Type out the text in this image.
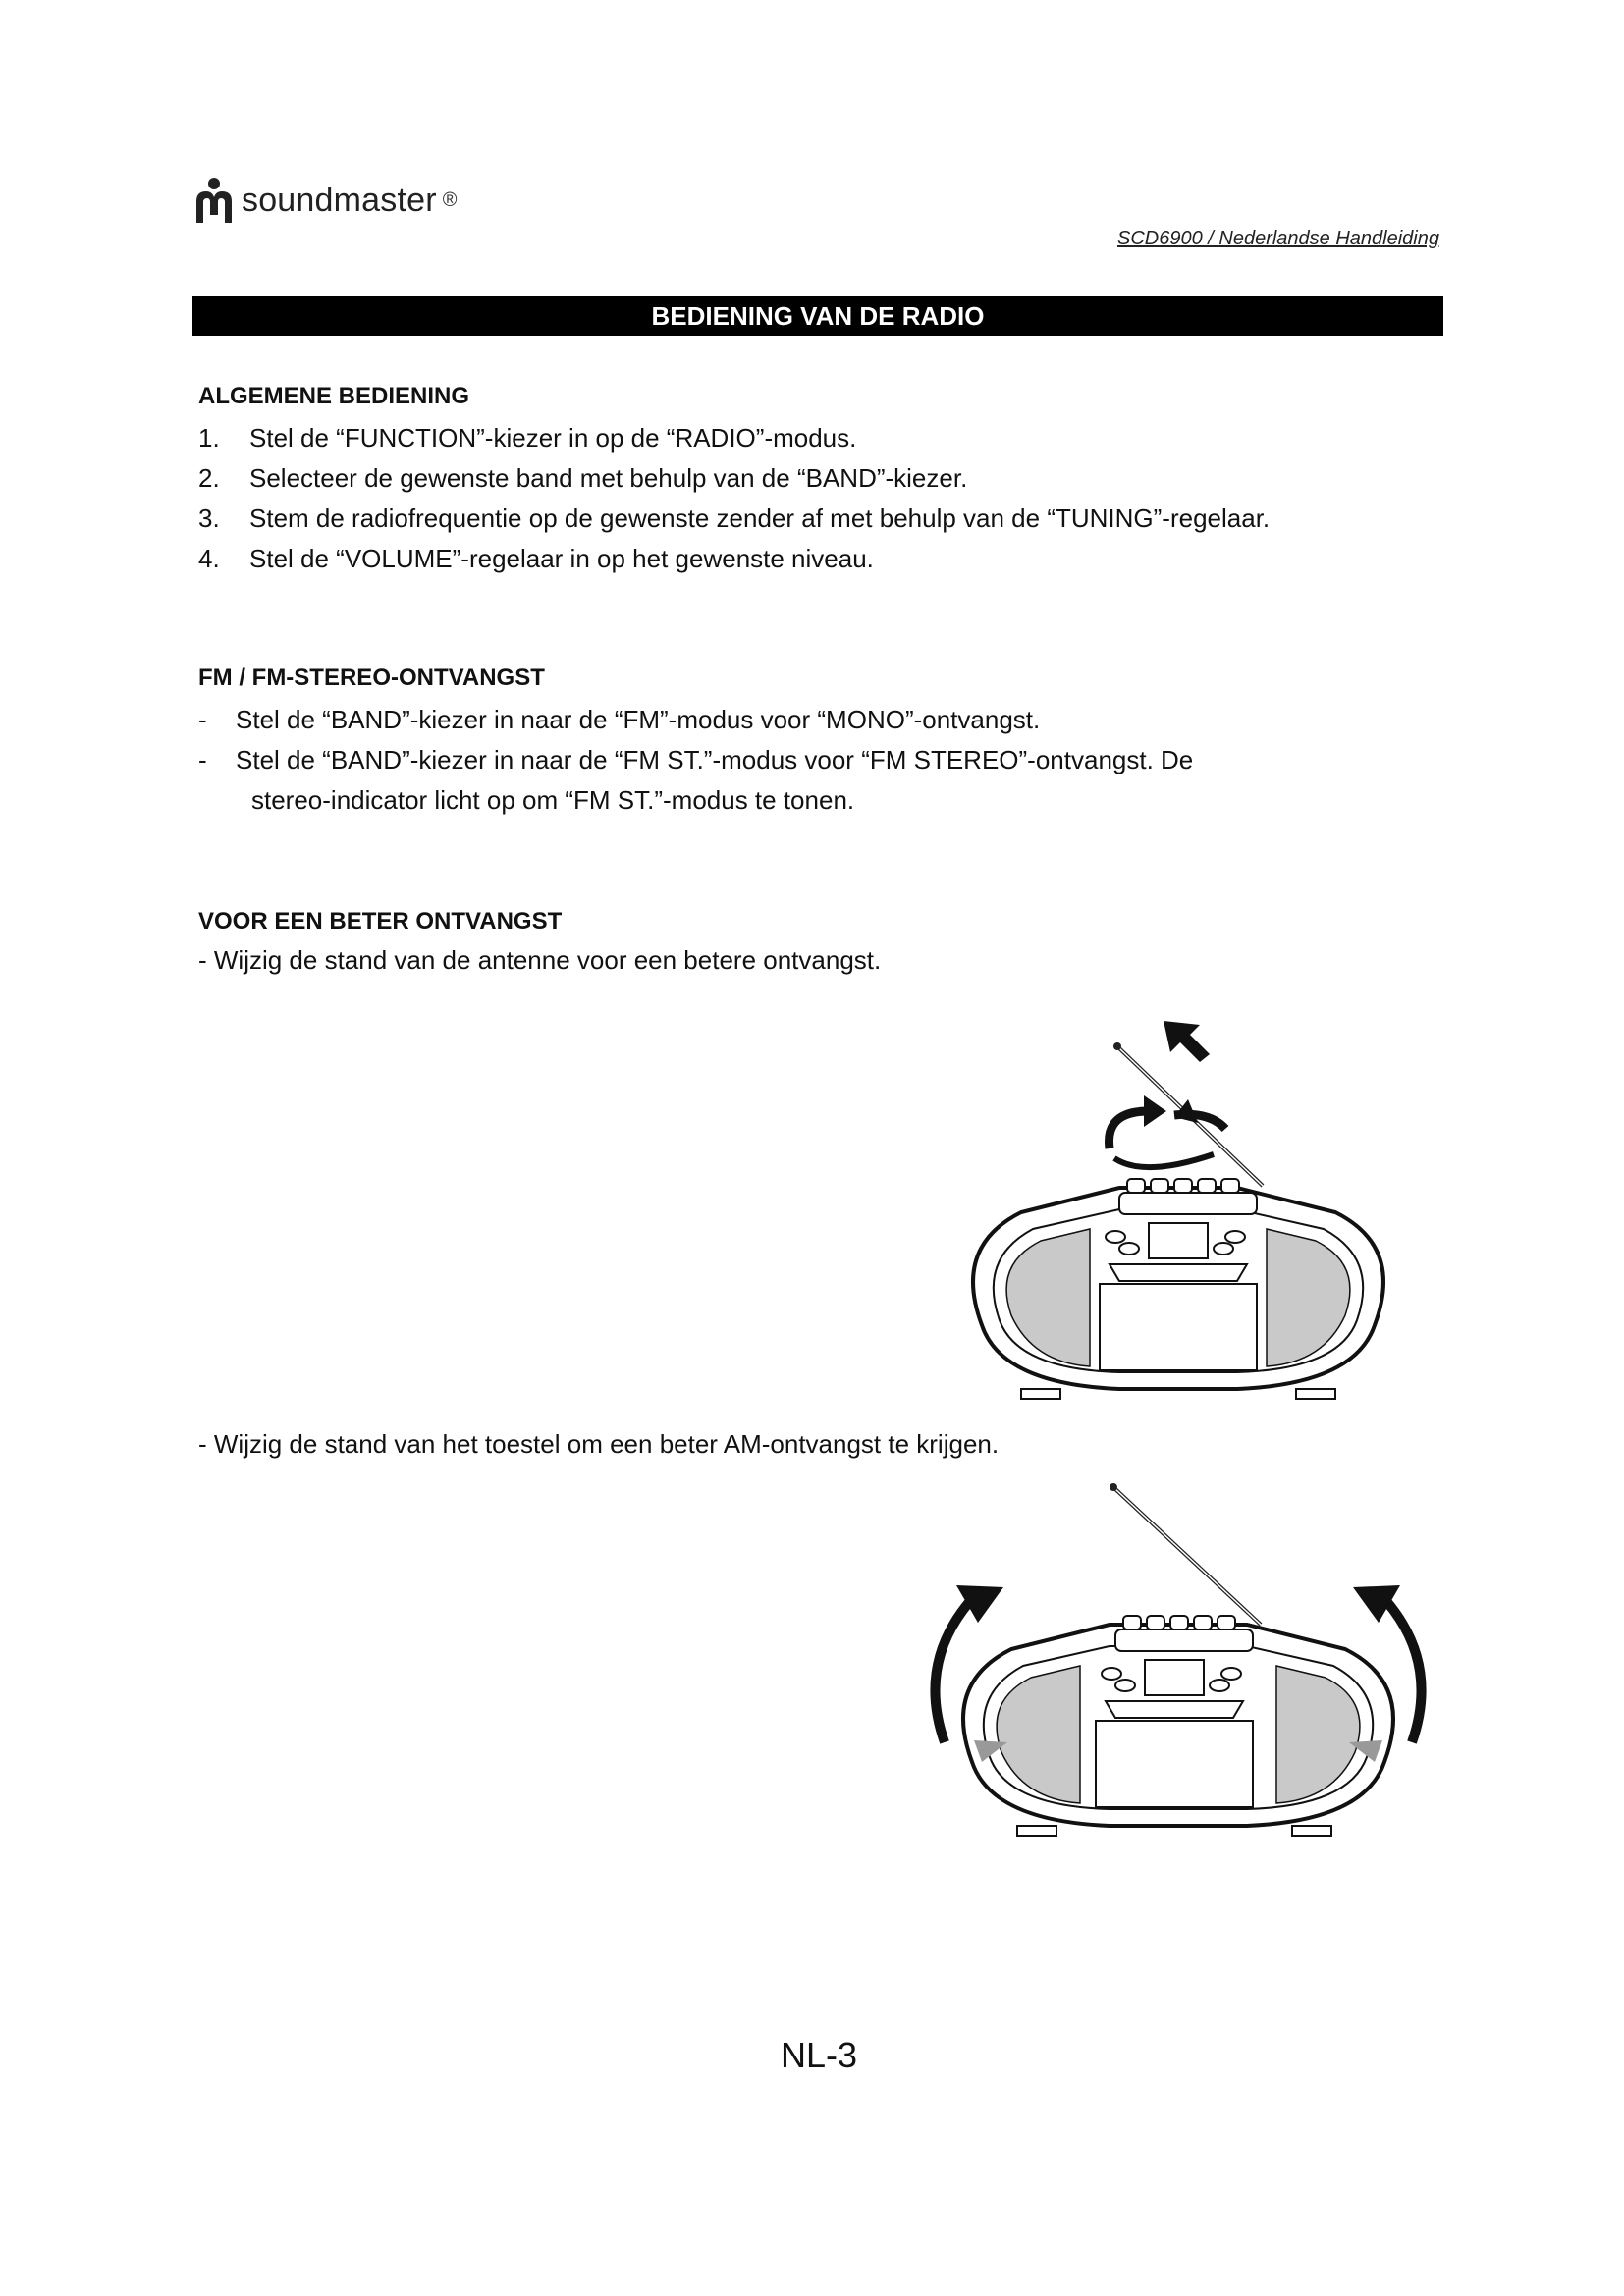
soundmaster ®
SCD6900 / Nederlandse Handleiding
BEDIENING VAN DE RADIO
ALGEMENE BEDIENING
1.	Stel de “FUNCTION”-kiezer in op de “RADIO”-modus.
2.	Selecteer de gewenste band met behulp van de “BAND”-kiezer.
3.	Stem de radiofrequentie op de gewenste zender af met behulp van de “TUNING”-regelaar.
4.	Stel de “VOLUME”-regelaar in op het gewenste niveau.
FM / FM-STEREO-ONTVANGST
-	Stel de “BAND”-kiezer in naar de “FM”-modus voor “MONO”-ontvangst.
-	Stel de “BAND”-kiezer in naar de “FM ST.”-modus voor “FM STEREO”-ontvangst. De
stereo-indicator licht op om “FM ST.”-modus te tonen.
VOOR EEN BETER ONTVANGST
- Wijzig de stand van de antenne voor een betere ontvangst.
- Wijzig de stand van het toestel om een beter AM-ontvangst te krijgen.
NL-3
